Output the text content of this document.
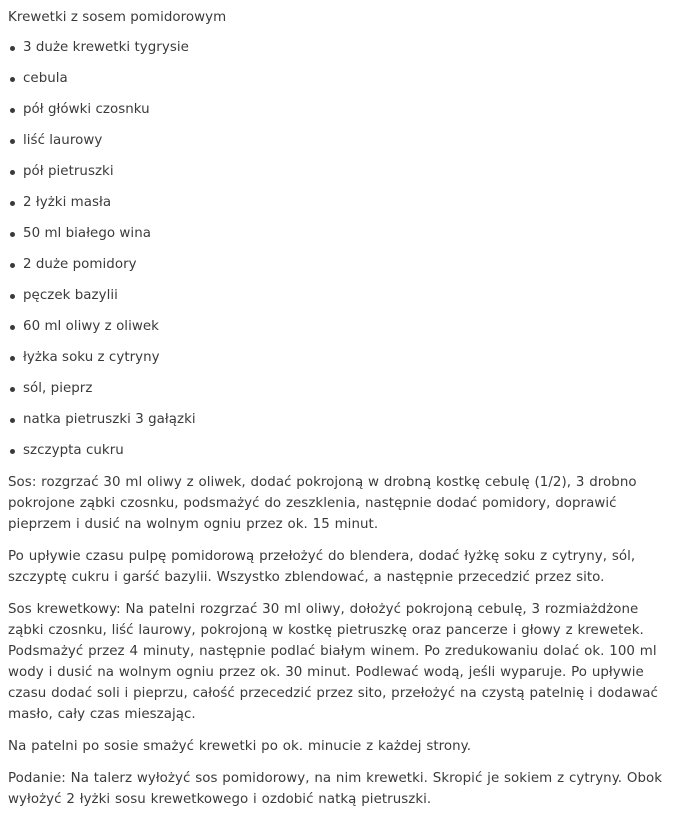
Krewetki z sosem pomidorowym
3 duże krewetki tygrysie
cebula
pół główki czosnku
liść laurowy
pół pietruszki
2 łyżki masła
50 ml białego wina
2 duże pomidory
pęczek bazylii
60 ml oliwy z oliwek
łyżka soku z cytryny
sól, pieprz
natka pietruszki 3 gałązki
szczypta cukru

Sos: rozgrzać 30 ml oliwy z oliwek, dodać pokrojoną w drobną kostkę cebulę (1/2), 3 drobno pokrojone ząbki czosnku, podsmażyć do zeszklenia, następnie dodać pomidory, doprawić pieprzem i dusić na wolnym ogniu przez ok. 15 minut.

Po upływie czasu pulpę pomidorową przełożyć do blendera, dodać łyżkę soku z cytryny, sól, szczyptę cukru i garść bazylii. Wszystko zblendować, a następnie przecedzić przez sito.

Sos krewetkowy: Na patelni rozgrzać 30 ml oliwy, dołożyć pokrojoną cebulę, 3 rozmiażdżone ząbki czosnku, liść laurowy, pokrojoną w kostkę pietruszkę oraz pancerze i głowy z krewetek. Podsmażyć przez 4 minuty, następnie podlać białym winem. Po zredukowaniu dolać ok. 100 ml wody i dusić na wolnym ogniu przez ok. 30 minut. Podlewać wodą, jeśli wyparuje. Po upływie czasu dodać soli i pieprzu, całość przecedzić przez sito, przełożyć na czystą patelnię i dodawać masło, cały czas mieszając.

Na patelni po sosie smażyć krewetki po ok. minucie z każdej strony.

Podanie: Na talerz wyłożyć sos pomidorowy, na nim krewetki. Skropić je sokiem z cytryny. Obok wyłożyć 2 łyżki sosu krewetkowego i ozdobić natką pietruszki.
